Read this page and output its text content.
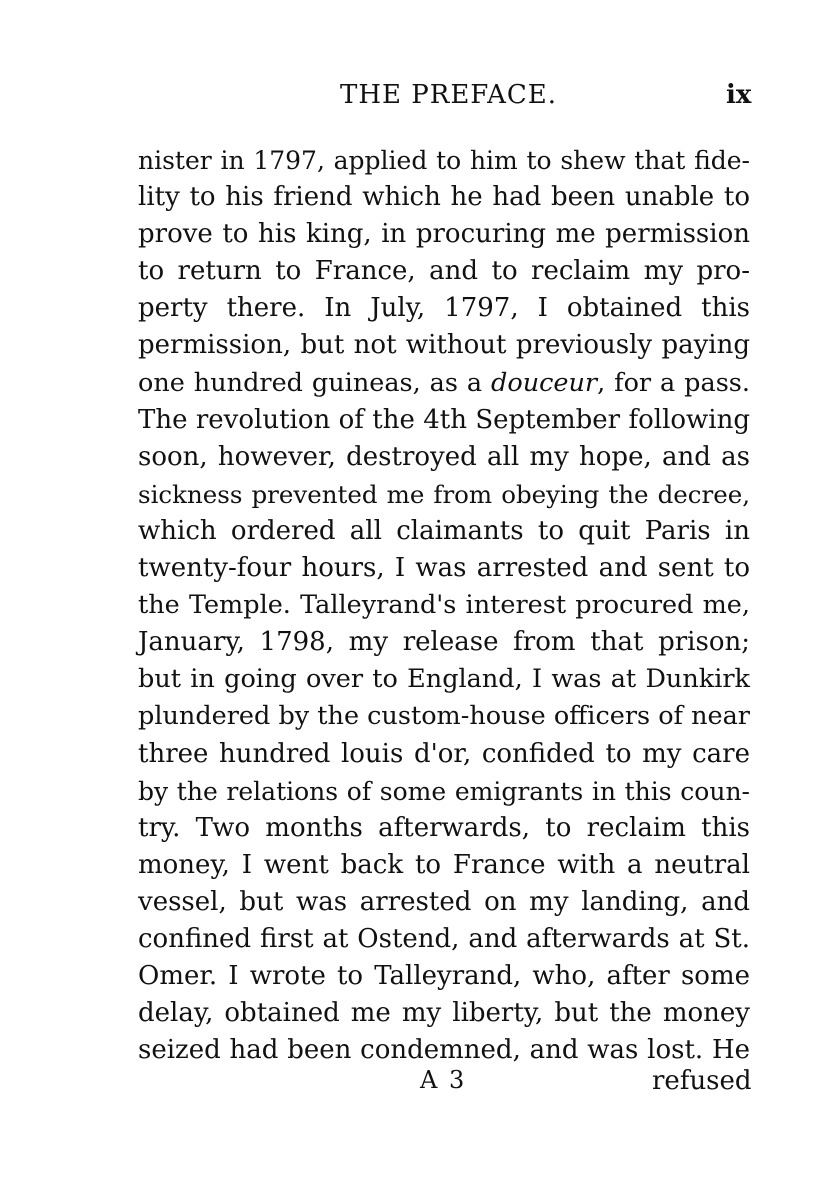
THE PREFACE.	ix
nister in 1797, applied to him to shew that fide-
lity to his friend which he had been unable to
prove to his king, in procuring me permission
to return to France, and to reclaim my pro-
perty there. In July, 1797, I obtained this
permission, but not without previously paying
one hundred guineas, as a douceur, for a pass.
The revolution of the 4th September following
soon, however, destroyed all my hope, and as
sickness prevented me from obeying the decree,
which ordered all claimants to quit Paris in
twenty-four hours, I was arrested and sent to
the Temple. Talleyrand's interest procured me,
January, 1798, my release from that prison;
but in going over to England, I was at Dunkirk
plundered by the custom-house officers of near
three hundred louis d'or, confided to my care
by the relations of some emigrants in this coun-
try. Two months afterwards, to reclaim this
money, I went back to France with a neutral
vessel, but was arrested on my landing, and
confined first at Ostend, and afterwards at St.
Omer. I wrote to Talleyrand, who, after some
delay, obtained me my liberty, but the money
seized had been condemned, and was lost. He
A 3	refused
